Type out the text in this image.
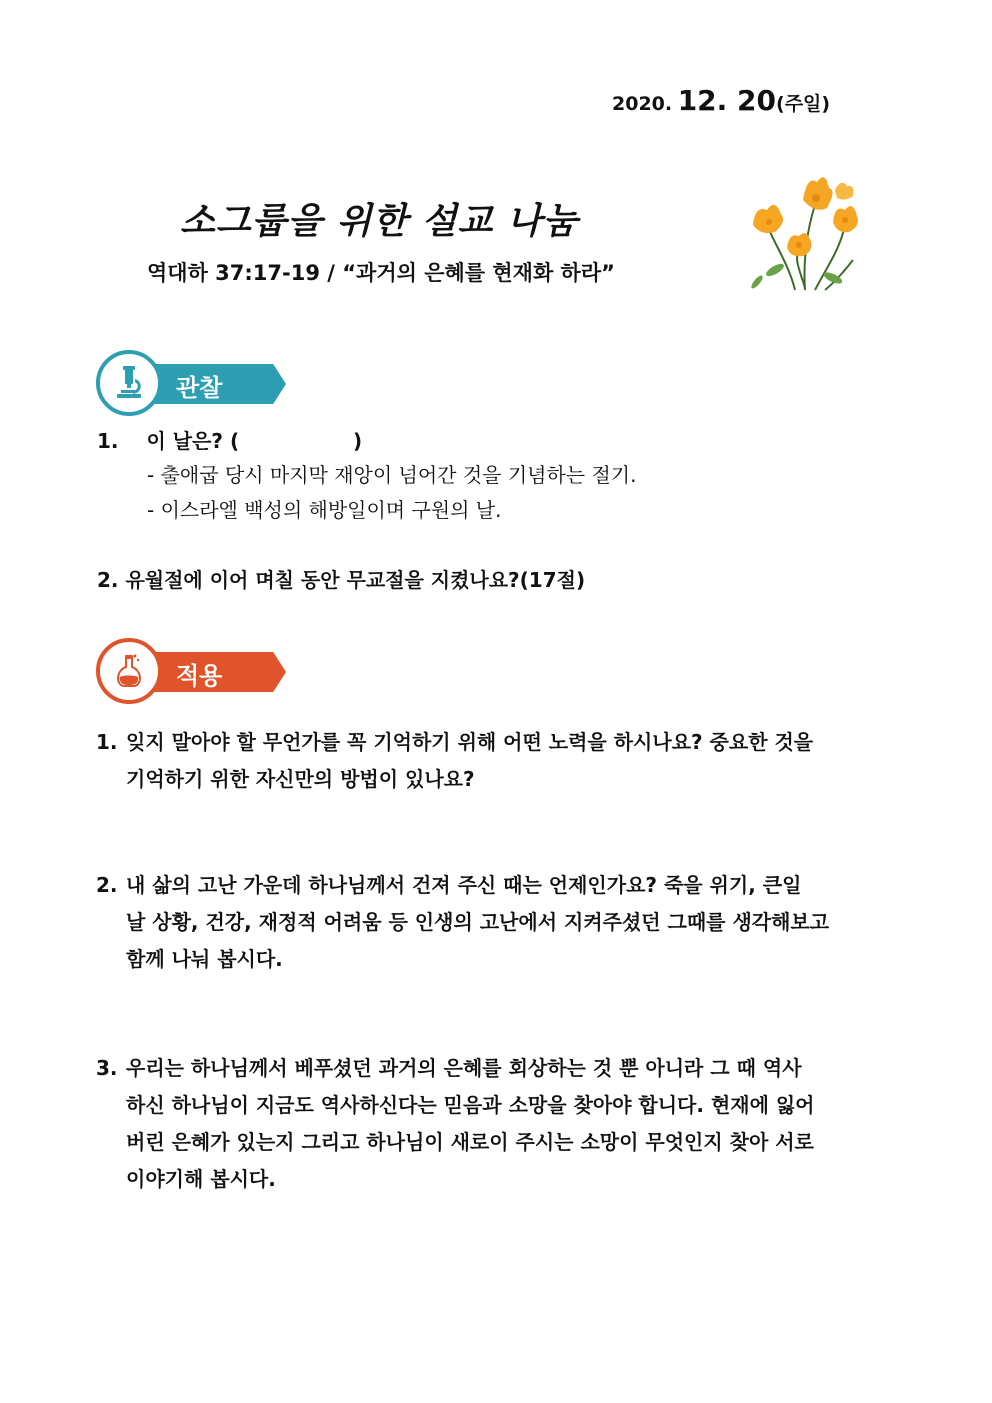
2020. 12. 20(주일)
소그룹을 위한 설교 나눔
역대하 37:17-19 / “과거의 은혜를 현재화 하라”
관찰
1. 이 날은? (	)
- 출애굽 당시 마지막 재앙이 넘어간 것을 기념하는 절기.
- 이스라엘 백성의 해방일이며 구원의 날.
2. 유월절에 이어 며칠 동안 무교절을 지켰나요?(17절)
적용
1. 잊지 말아야 할 무언가를 꼭 기억하기 위해 어떤 노력을 하시나요? 중요한 것을
기억하기 위한 자신만의 방법이 있나요?
2. 내 삶의 고난 가운데 하나님께서 건져 주신 때는 언제인가요? 죽을 위기, 큰일
날 상황, 건강, 재정적 어려움 등 인생의 고난에서 지켜주셨던 그때를 생각해보고
함께 나눠 봅시다.
3. 우리는 하나님께서 베푸셨던 과거의 은혜를 회상하는 것 뿐 아니라 그 때 역사
하신 하나님이 지금도 역사하신다는 믿음과 소망을 찾아야 합니다. 현재에 잃어
버린 은혜가 있는지 그리고 하나님이 새로이 주시는 소망이 무엇인지 찾아 서로
이야기해 봅시다.
